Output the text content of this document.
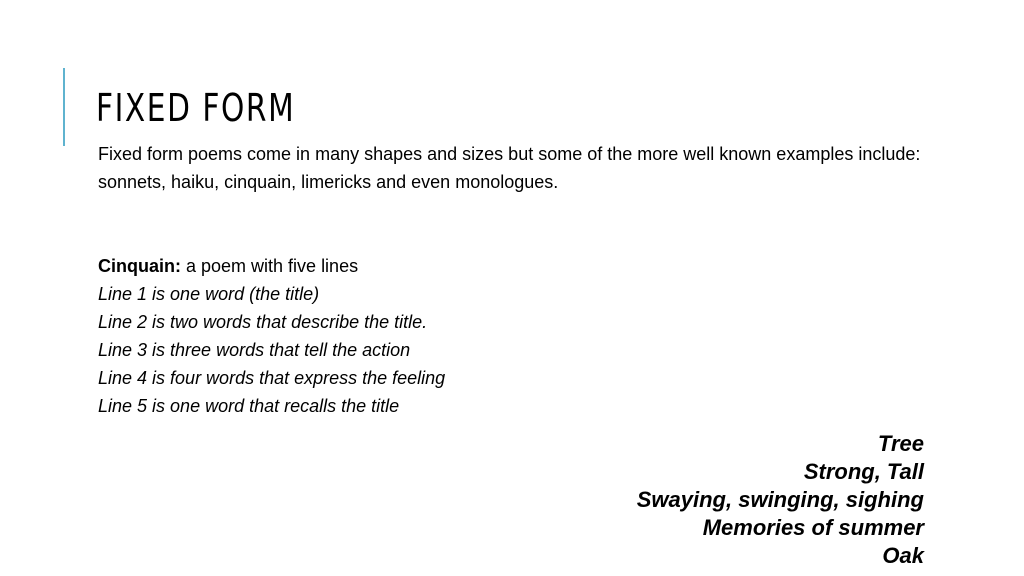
FIXED FORM

Fixed form poems come in many shapes and sizes but some of the more well known examples include: sonnets, haiku, cinquain, limericks and even monologues.

Cinquain: a poem with five lines
Line 1 is one word (the title)
Line 2 is two words that describe the title.
Line 3 is three words that tell the action
Line 4 is four words that express the feeling
Line 5 is one word that recalls the title
Tree
Strong, Tall
Swaying, swinging, sighing
Memories of summer
Oak
